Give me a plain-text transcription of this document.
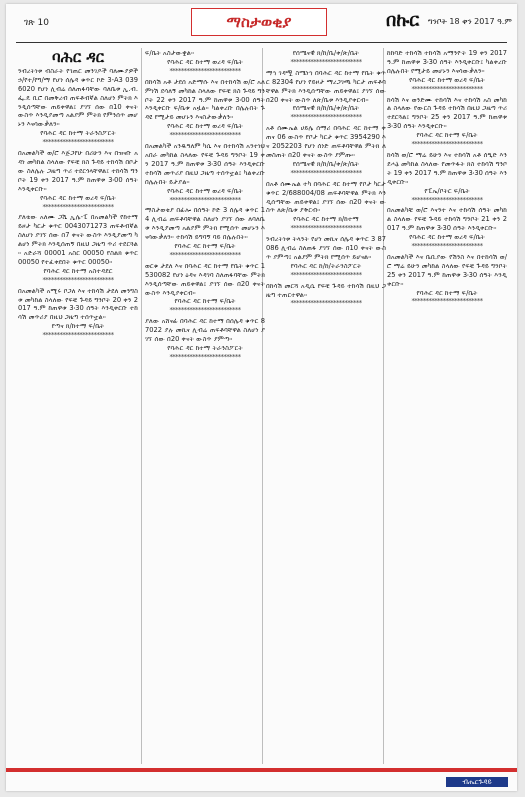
ገጽ 10	ማስታወቂያ	በኩር ግንቦት 18 ቀን 2017 ዓ.ም
ባሕር ዳር

ንብረትነቱ ብስራት የገጠር መንገዶች ባለሙያዎች ኃ/የተ/የግ/ማ የሆነ ሰሌዳ ቁጥር ኮድ 3-A3 0396020 የሆነ ሊብሬ ሰለጠፋባቸው ባለቤቱ ኢ.ብ.ፌ.ዴ ቢሮ በመቅረብ ጠፍቶብኛል ስለሆነ ምትክ እንዲሰጣቸው ጠይቀዋል፤ ያገኘ ሰው በ10 ቀናት ውስጥ እንዲያመጣ አልያም ምትክ የምንሰጥ መሆኑን እናሳውቃለን።

የባሕር ዳር ከተማ ትራንስፖርት

*************************

በአመልካች ወ/ሮ እጅጋየሁ በሪሁን እና በዝናቡ አዳነ መካከል ስላለው የፍቺ ክስ ጉዳይ ተከሳሽ በቦታው ስለሌሉ ጋዜጣ ጥሪ ተደርጎላቸዋል፤ ተከሳሽ ግንቦት 19 ቀን 2017 ዓ.ም ከጠዋቱ 3፡00 ሰዓት እንዲቀርቡ።

የባሕር ዳር ከተማ ወረዳ ፍ/ቤት

*************************

ያለቴው አለሙ ጋሼ ኢሌ-ፒ በአመልካች የከተማ ይዞታ ካርታ ቁጥር 0043071273 ጠፍቶብኛል ስለሆነ ያገኘ ሰው በ7 ቀናት ውስጥ እንዲያመጣ ካልሆነ ምትክ እንዲሰጠኝ በዚህ ጋዜጣ ጥሪ ተደርጓል። አድራሻ 00001 አስር 00050 የስልክ ቁጥር 00050 የተፈቀደበት ቁጥር 00050።

የባሕር ዳር ከተማ አስተዳደር

*************************

በአመልካች አሚሩ ቦጋለ እና ተከሳሽ ታደለ መንግስቱ መካከል ስላለው የፍቺ ጉዳይ ግንቦት 20 ቀን 2017 ዓ.ም ከጠዋቱ 3፡30 ሰዓት እንዲቀርቡ ተከሳሽ መጥሪያ በዚህ ጋዜጣ ተሰጥቷል።

የጣና ክ/ከተማ ፍ/ቤት

*************************

ፍ/ቤት አስታውቋል።

የባሕር ዳር ከተማ ወረዳ ፍ/ቤት

*************************

በከሳሽ አቶ ታደሰ አድማሱ እና በተከሳሽ ወ/ሮ አለምነሽ ደሳለኝ መካከል ስላለው የፍቺ ክስ ጉዳይ ግንቦት 22 ቀን 2017 ዓ.ም ከጠዋቱ 3፡00 ሰዓት እንዲቀርቡ ፍ/ቤቱ አዟል። ካልቀረቡ በሌሉበት ጉዳዩ የሚታይ መሆኑን እናስታውቃለን።

የባሕር ዳር ከተማ ወረዳ ፍ/ቤት

*************************

በአመልካች አንዱዓለም ካሴ እና በተከሳሽ አንተነህ አበራ መካከል ስላለው የፍቺ ጉዳይ ግንቦት 19 ቀን 2017 ዓ.ም ከጠዋቱ 3፡30 ሰዓት እንዲቀርቡ ተከሳሽ መጥሪያ በዚህ ጋዜጣ ተሰጥቷል፤ ካልቀረቡ በሌሉበት ይታያል።

የባሕር ዳር ከተማ ወረዳ ፍ/ቤት

*************************

ማስታወቂያ በፊሎ በሰዓት ኮድ 3 ሰሌዳ ቁጥር 14 ሊብሬ ጠፍቶባቸዋል ስለሆነ ያገኘ ሰው ለባለቤቱ እንዲያመጣ አልያም ምትክ የሚሰጥ መሆኑን እናሳውቃለን። ተከሳሽ ይግባኝ ባይ በሌሉበት።

የባሕር ዳር ከተማ ፍ/ቤት

*************************

ወርቁ ታደለ እና በባሕር ዳር ከተማ የቤት ቁጥር 1530082 የሆነ ዕዳና እዳገባ ስለጠፋባቸው ምትክ እንዲሰጣቸው ጠይቀዋል፤ ያገኘ ሰው በ20 ቀናት ውስጥ እንዲያቀርብ።

የባሕር ዳር ከተማ ፍ/ቤት

*************************

ያለው አሸናፊ በባሕር ዳር ከተማ በሰሌዳ ቁጥር 87022 ያሉ መኪና ሊብሬ ጠፍቶባቸዋል ስለሆነ ያገኘ ሰው በ20 ቀናት ውስጥ ያምጣ።

የባሕር ዳር ከተማ ትራንስፖርት

*************************

የሰሜናዊ ክ/ከ/ቤ/ቀ/ጽ/ቤት

*************************

ማኅ ገዳሟ ስሜነኅ በባሕር ዳር ከተማ የቤት ቁጥር 82304 የሆነ የይዞታ ማረጋገጫ ካርታ ጠፍቶባቸዋል ምትክ እንዲሰጣቸው ጠይቀዋል፤ ያገኘ ሰው በ20 ቀናት ውስጥ ለጽ/ቤቱ እንዲያቀርብ።

የሰሜናዊ ክ/ከ/ቤ/ቀ/ጽ/ቤት

*************************

አቶ ሰሙኤል ሀይሌ ሰማሪ በባሕር ዳር ከተማ ቀጠና 06 ውስጥ የቦታ ካርታ ቁጥር 3954290 እና 2052203 የሆነ ሰነድ ጠፍቶባቸዋል ምትክ ለመስጠት በ20 ቀናት ውስጥ ያምጡ።

የሰሜናዊ ክ/ከ/ቤ/ቀ/ጽ/ቤት

*************************

በአቶ ሰሙኤል ተካ በባሕር ዳር ከተማ የቦታ ካርታ ቁጥር 2/688004/08 ጠፍቶባቸዋል ምትክ እንዲሰጣቸው ጠይቀዋል፤ ያገኘ ሰው በ20 ቀናት ውስጥ ለጽ/ቤቱ ያቅርብ።

የባሕር ዳር ከተማ ክ/ከተማ

*************************

ንብረትነቱ ትላንት የሆነ መኪና ሰሌዳ ቁጥር 3 87086 ሊብሬ ስለጠፋ ያገኘ ሰው በ10 ቀናት ውስጥ ያምጣ፤ አልያም ምትክ የሚሰጥ ይሆናል።

የባሕር ዳር ከ/ከ/ትራንስፖርት

*************************

በከሳሽ መርሻ አዲሴ የፍቺ ጉዳይ ተከሳሽ በዚህ ጋዜጣ ተጠርተዋል።

*************************

ከከባድ ተከሳሽ ተከሳሽ አማንዮት 19 ቀን 2017 ዓ.ም ከጠዋቱ 3፡30 ሰዓት እንዲቀርቡ፤ ካልቀረቡ በሌሉበት የሚታይ መሆኑን እናሳውቃለን።

የባሕር ዳር ከተማ ወረዳ ፍ/ቤት

*************************

ከሳሽ እና ወንድሙ ተከሳሽ እና ተከሳሽ አስ መካከል ስላለው የውርስ ጉዳይ ተከሳሽ በዚህ ጋዜጣ ጥሪ ተደርጓል፤ ግንቦት 25 ቀን 2017 ዓ.ም ከጠዋቱ 3፡30 ሰዓት እንዲቀርቡ።

የባሕር ዳር ከተማ ፍ/ቤት

*************************

ከሳሽ ወ/ሮ ማሬ ይሁን እና ተከሳሽ አቶ ሰዒድ እንደሓኔ መካከል ስላለው የመጥፋት ክስ ተከሳሽ ግንቦት 19 ቀን 2017 ዓ.ም ከጠዋቱ 3፡30 ሰዓት እንዲቀርቡ።

የፒኤ/ቦትር ፍ/ቤት

*************************

በአመልካቹ ወ/ሮ እናንተ እና ተከሳሽ ሰዓት መካከል ስላለው የፍቺ ጉዳይ ተከሳሽ ግንቦት 21 ቀን 2017 ዓ.ም ከጠዋቱ 3፡30 ሰዓት እንዲቀርቡ።

የባሕር ዳር ከተማ ወረዳ ፍ/ቤት

*************************

በአመልካች እና ቤቢያው የሽንስ እና በተከሳሽ ወ/ሮ ማሬ ይሁን መካከል ስላለው የፍቺ ጉዳይ ግንቦት 25 ቀን 2017 ዓ.ም ከጠዋቱ 3፡30 ሰዓት እንዲቀርቡ።

የባሕር ዳር ከተማ ፍ/ቤት

*************************
ብሔርጉዳይ
